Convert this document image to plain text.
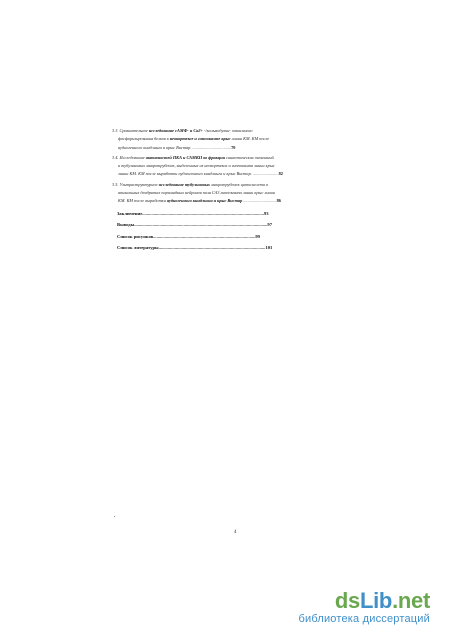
3.3. Сравнительное исследование cAMФ- и Ca2+ -/кальмодулин- зависимого
фосфорилирования белков в неокортексе и гиппокампе крыс линии КМ. КМ после
аудиогенного киндлинга и крыс Вистар. ....................................70
3.4. Исследование активностей ПКА и САМКII во фракции синаптических окончаний
и тубулиновых микротрубочек, выделенных из неокортекса и гиппокампа линии крыс
линии КМ. КМ после выработки аудиогенного киндлинга и крыс Вистар. ........................82
3.5. Ультраструктурное исследование тубулиновых микротрубочек цитоскелета в
апикальных дендритах пирамидных нейронов поля СА3 гиппокампа линии крыс линии
КМ. КМ после выработки аудиогенного киндлинга и крыс Вистар ...............................86
Заключение..........................................................................................................93
Выводы....................................................................................................................97
Список рисунков.........................................................................................99
Список литературы.............................................................................................101
4
dsLib.net
библиотека диссертаций
